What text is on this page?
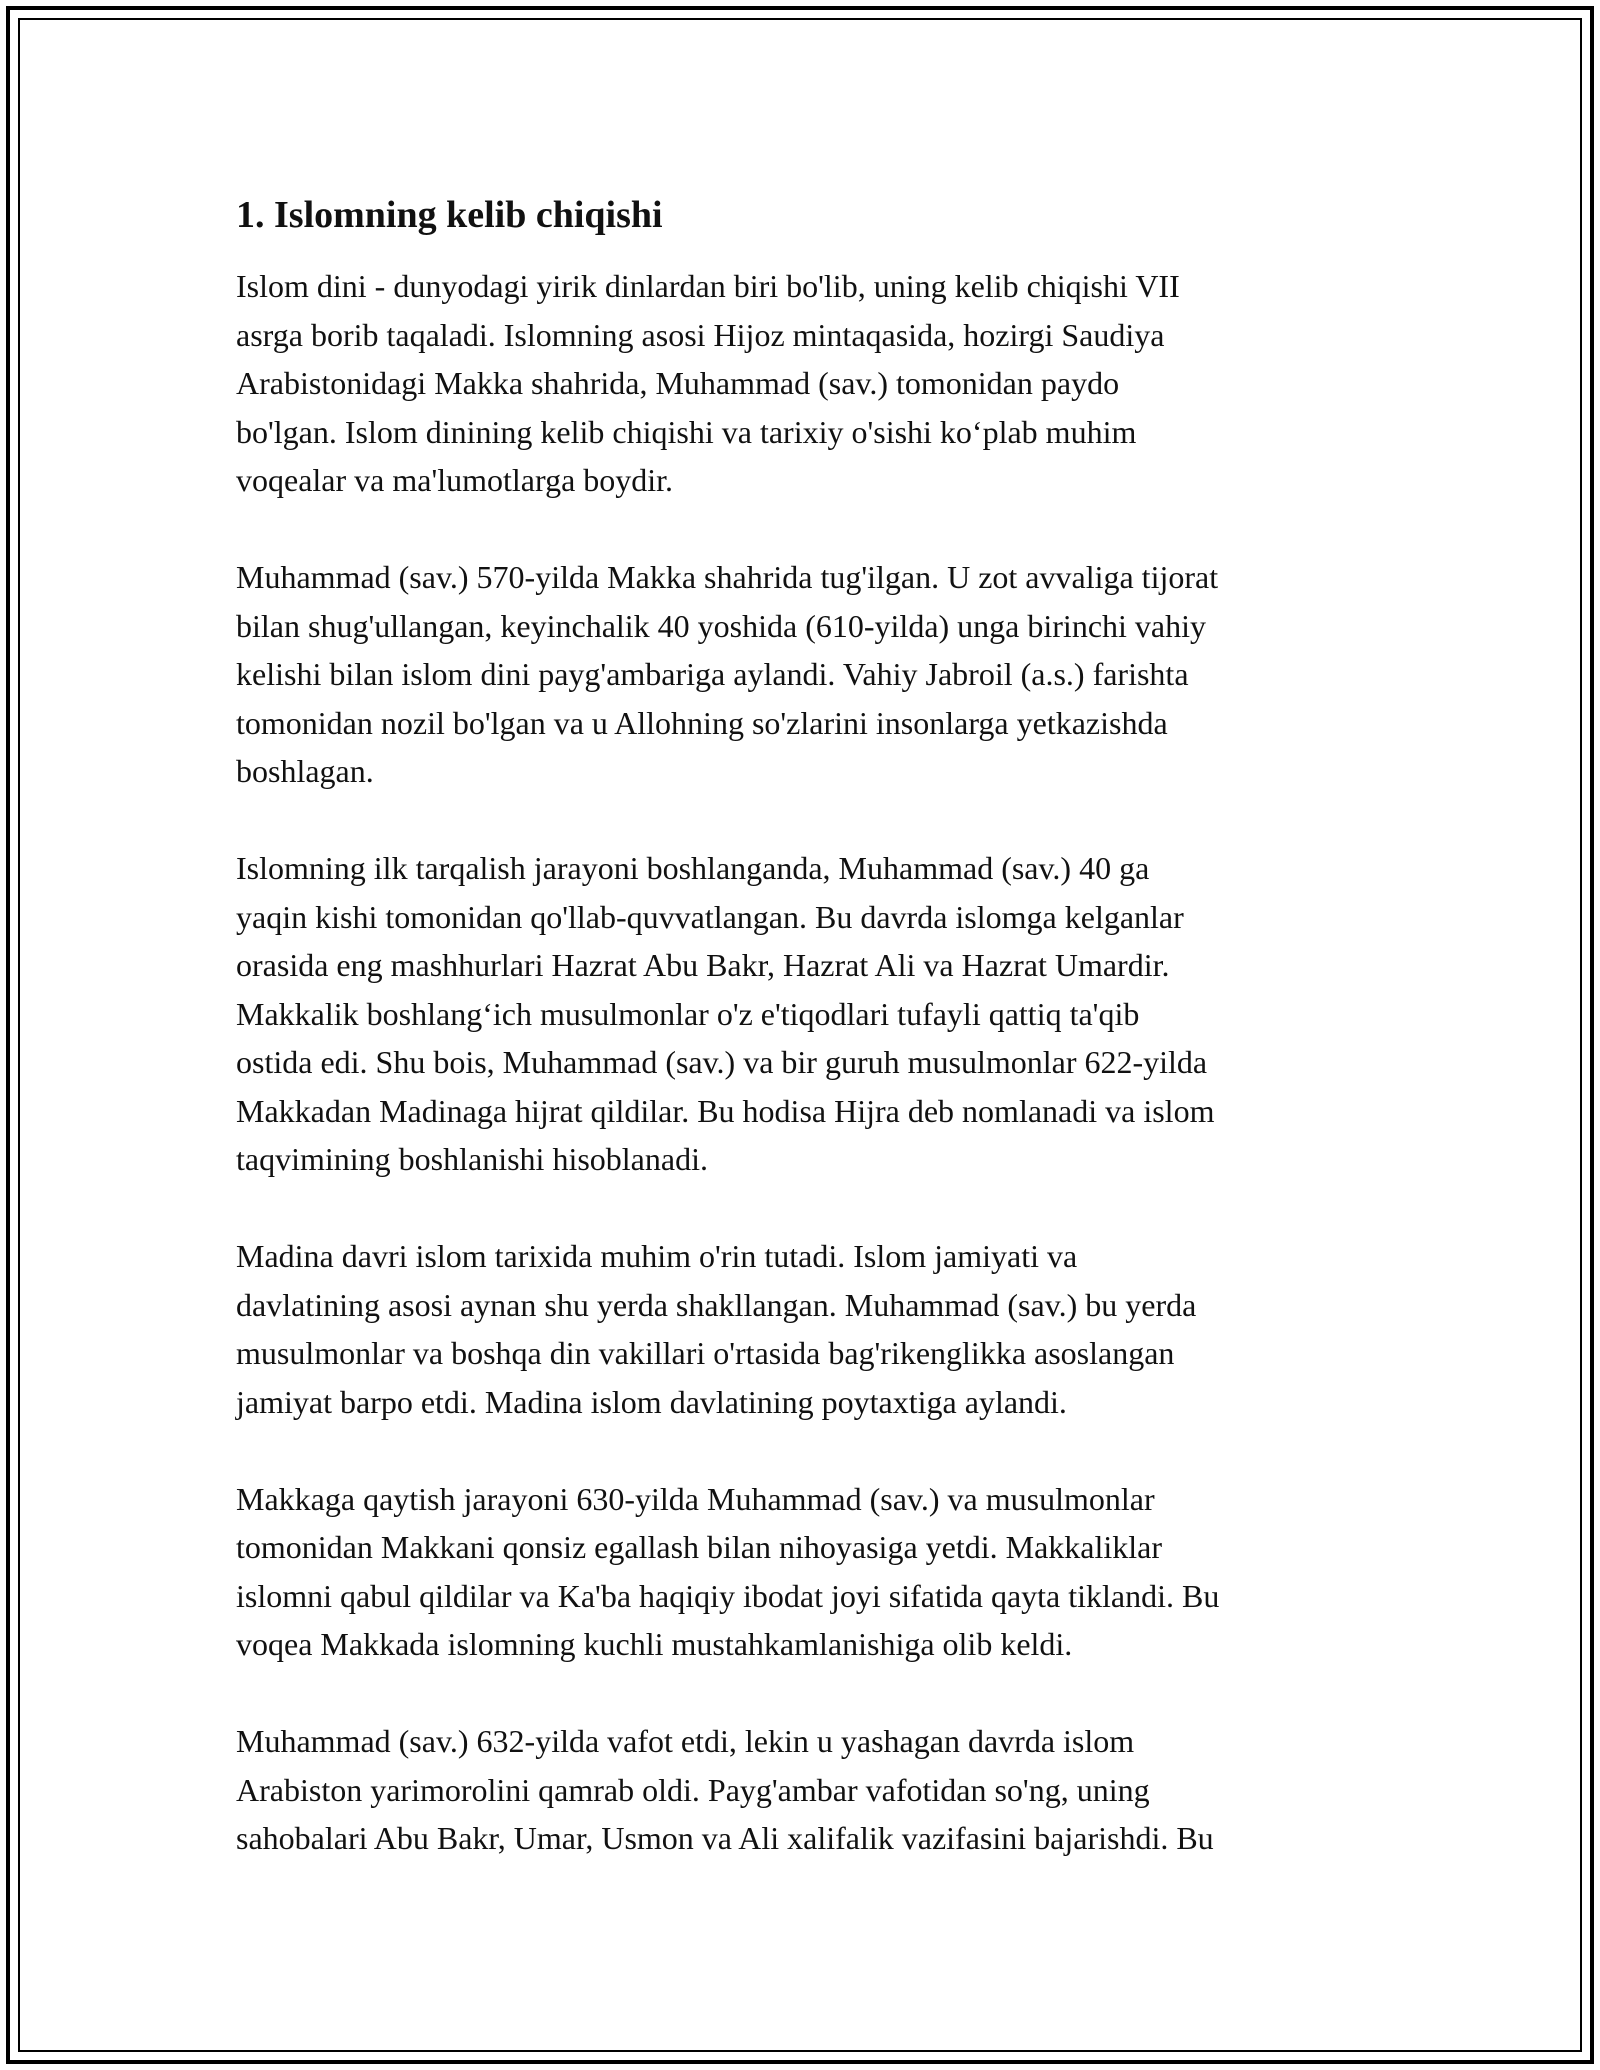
1. Islomning kelib chiqishi

Islom dini - dunyodagi yirik dinlardan biri bo'lib, uning kelib chiqishi VII
asrga borib taqaladi. Islomning asosi Hijoz mintaqasida, hozirgi Saudiya
Arabistonidagi Makka shahrida, Muhammad (sav.) tomonidan paydo
bo'lgan. Islom dinining kelib chiqishi va tarixiy o'sishi ko‘plab muhim
voqealar va ma'lumotlarga boydir.

Muhammad (sav.) 570-yilda Makka shahrida tug'ilgan. U zot avvaliga tijorat
bilan shug'ullangan, keyinchalik 40 yoshida (610-yilda) unga birinchi vahiy
kelishi bilan islom dini payg'ambariga aylandi. Vahiy Jabroil (a.s.) farishta
tomonidan nozil bo'lgan va u Allohning so'zlarini insonlarga yetkazishda
boshlagan.

Islomning ilk tarqalish jarayoni boshlanganda, Muhammad (sav.) 40 ga
yaqin kishi tomonidan qo'llab-quvvatlangan. Bu davrda islomga kelganlar
orasida eng mashhurlari Hazrat Abu Bakr, Hazrat Ali va Hazrat Umardir.
Makkalik boshlang‘ich musulmonlar o'z e'tiqodlari tufayli qattiq ta'qib
ostida edi. Shu bois, Muhammad (sav.) va bir guruh musulmonlar 622-yilda
Makkadan Madinaga hijrat qildilar. Bu hodisa Hijra deb nomlanadi va islom
taqvimining boshlanishi hisoblanadi.

Madina davri islom tarixida muhim o'rin tutadi. Islom jamiyati va
davlatining asosi aynan shu yerda shakllangan. Muhammad (sav.) bu yerda
musulmonlar va boshqa din vakillari o'rtasida bag'rikenglikka asoslangan
jamiyat barpo etdi. Madina islom davlatining poytaxtiga aylandi.

Makkaga qaytish jarayoni 630-yilda Muhammad (sav.) va musulmonlar
tomonidan Makkani qonsiz egallash bilan nihoyasiga yetdi. Makkaliklar
islomni qabul qildilar va Ka'ba haqiqiy ibodat joyi sifatida qayta tiklandi. Bu
voqea Makkada islomning kuchli mustahkamlanishiga olib keldi.

Muhammad (sav.) 632-yilda vafot etdi, lekin u yashagan davrda islom
Arabiston yarimorolini qamrab oldi. Payg'ambar vafotidan so'ng, uning
sahobalari Abu Bakr, Umar, Usmon va Ali xalifalik vazifasini bajarishdi. Bu
